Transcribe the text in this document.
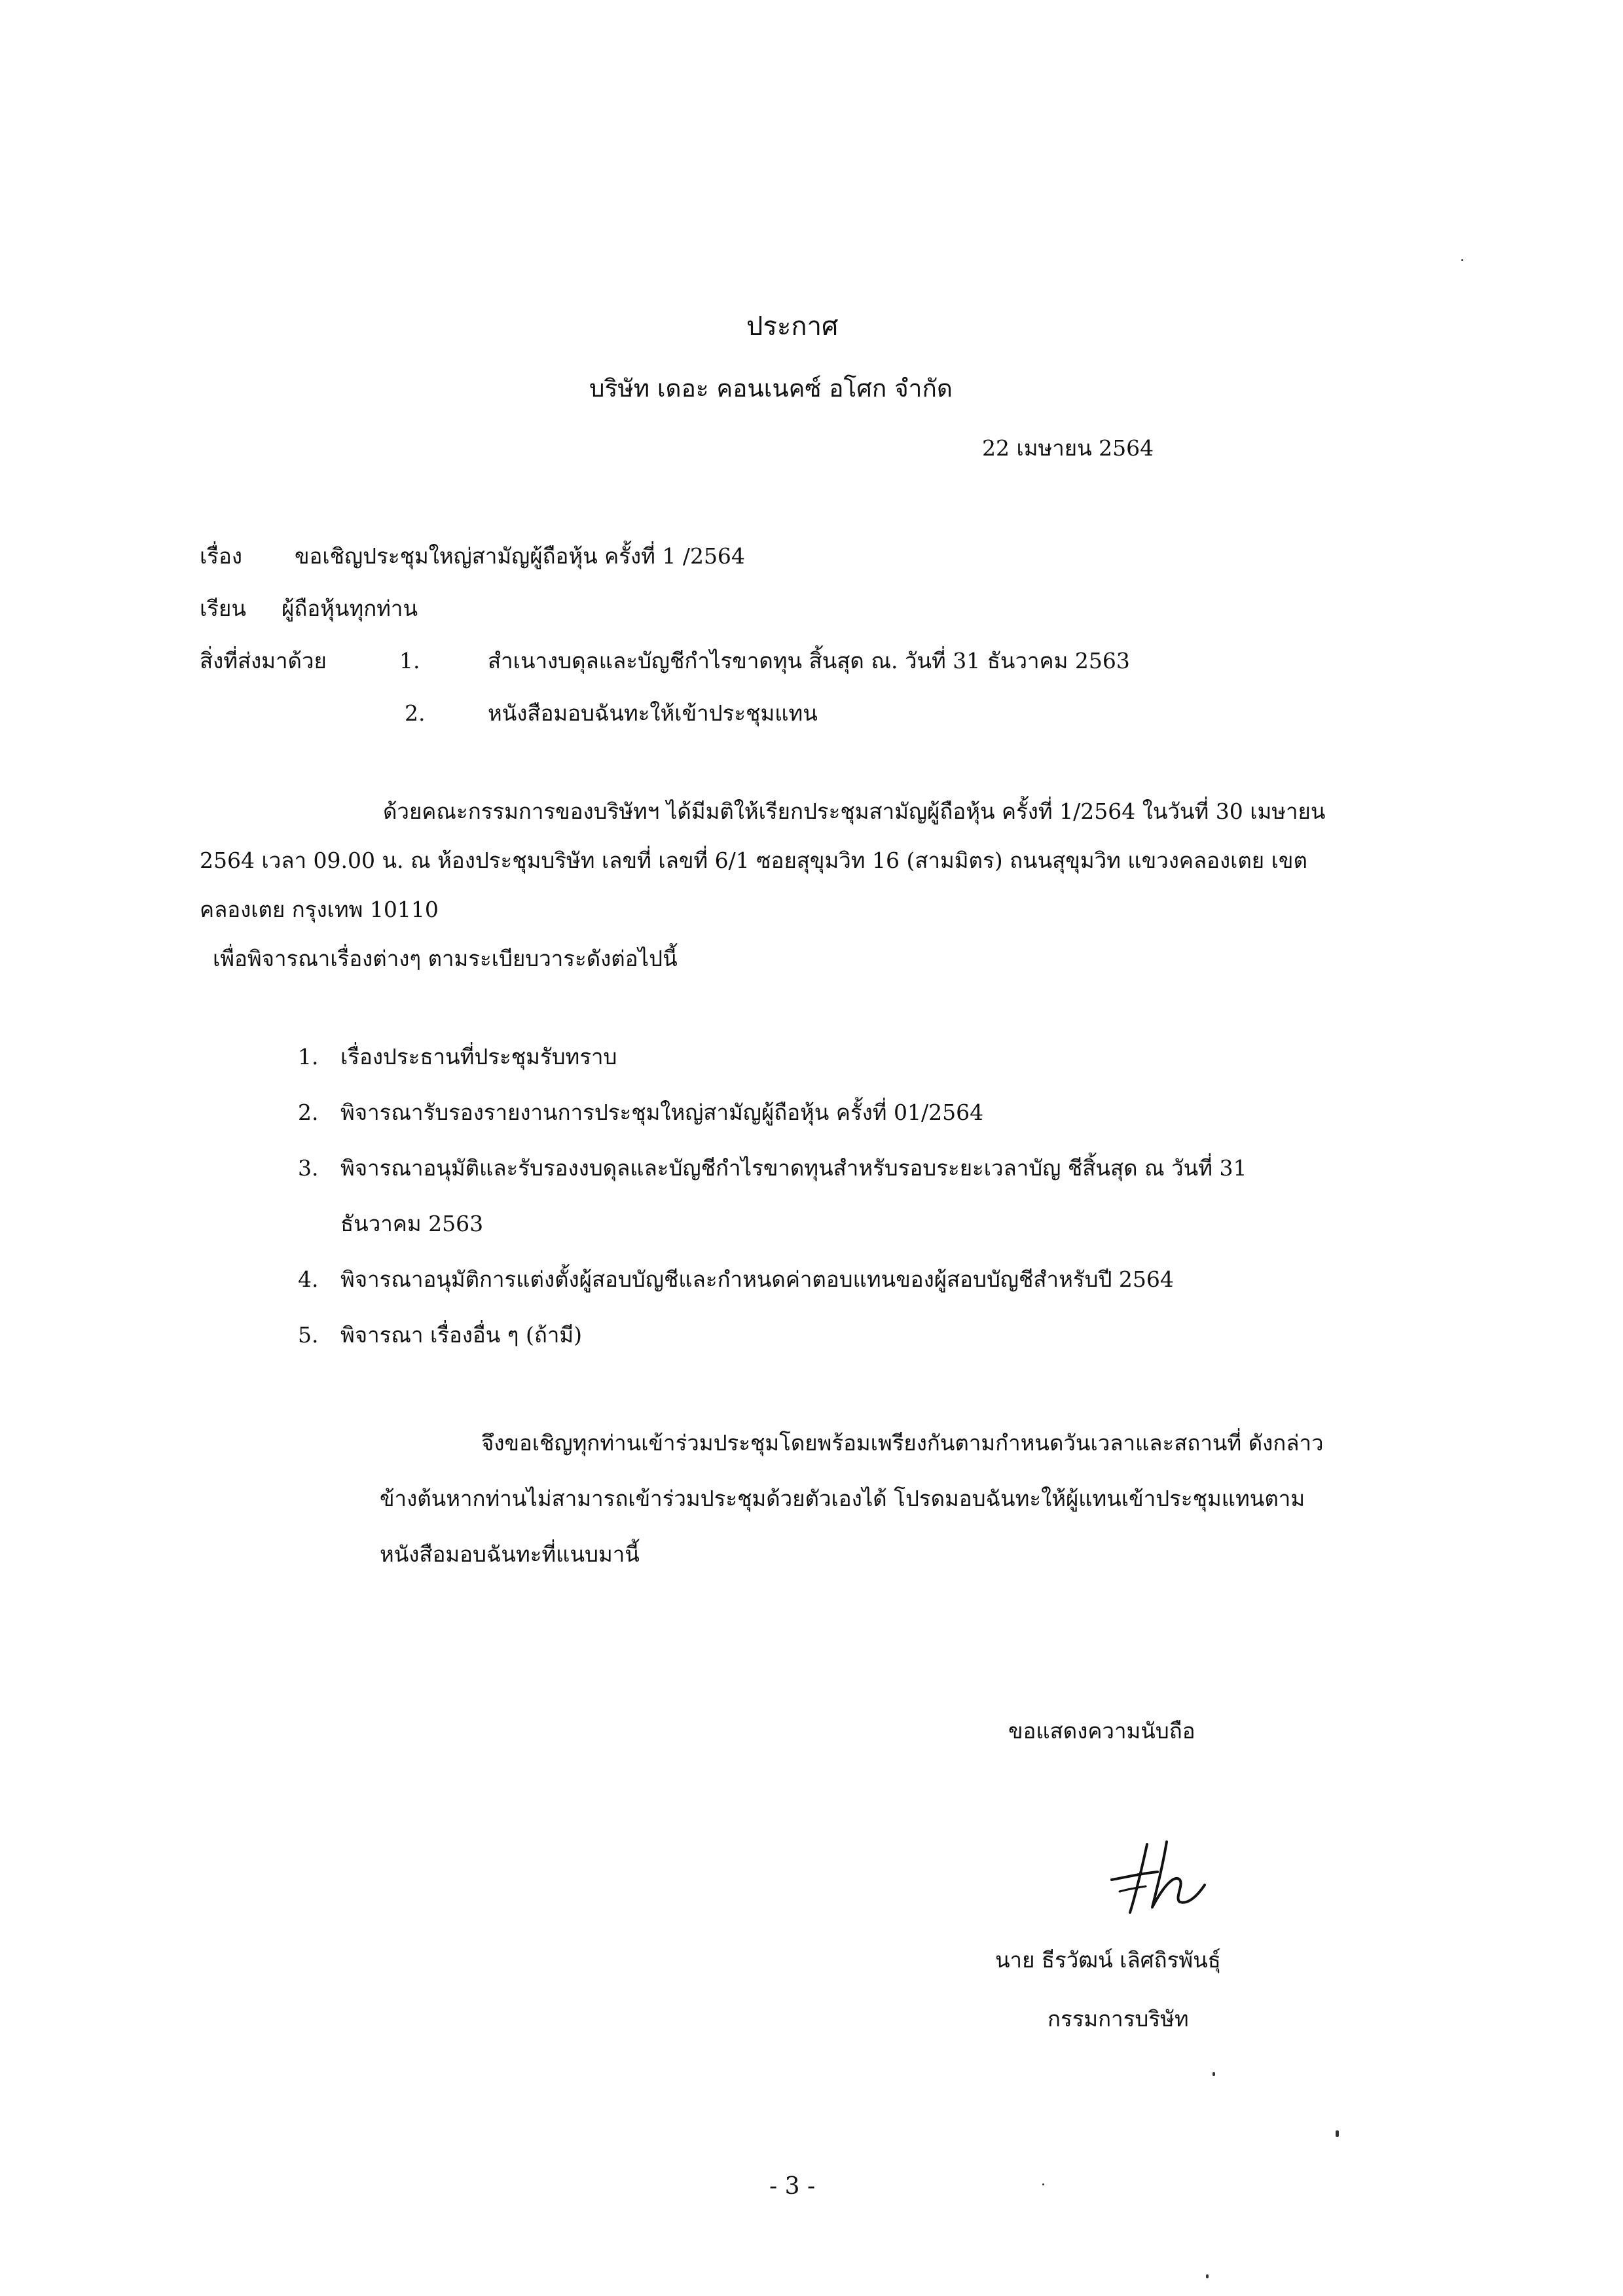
ประกาศ
บริษัท เดอะ คอนเนคซ์ อโศก จำกัด
22 เมษายน 2564
เรื่อง ขอเชิญประชุมใหญ่สามัญผู้ถือหุ้น ครั้งที่ 1 /2564
เรียน ผู้ถือหุ้นทุกท่าน
สิ่งที่ส่งมาด้วย	1.	สำเนางบดุลและบัญชีกำไรขาดทุน สิ้นสุด ณ. วันที่ 31 ธันวาคม 2563
2.	หนังสือมอบฉันทะให้เข้าประชุมแทน
ด้วยคณะกรรมการของบริษัทฯ ได้มีมติให้เรียกประชุมสามัญผู้ถือหุ้น ครั้งที่ 1/2564 ในวันที่ 30 เมษายน
2564 เวลา 09.00 น. ณ ห้องประชุมบริษัท เลขที่ เลขที่ 6/1 ซอยสุขุมวิท 16 (สามมิตร) ถนนสุขุมวิท แขวงคลองเตย เขต
คลองเตย กรุงเทพ 10110
เพื่อพิจารณาเรื่องต่างๆ ตามระเบียบวาระดังต่อไปนี้
1. เรื่องประธานที่ประชุมรับทราบ
2. พิจารณารับรองรายงานการประชุมใหญ่สามัญผู้ถือหุ้น ครั้งที่ 01/2564
3. พิจารณาอนุมัติและรับรองงบดุลและบัญชีกำไรขาดทุนสำหรับรอบระยะเวลาบัญ ชีสิ้นสุด ณ วันที่ 31
ธันวาคม 2563
4. พิจารณาอนุมัติการแต่งตั้งผู้สอบบัญชีและกำหนดค่าตอบแทนของผู้สอบบัญชีสำหรับปี 2564
5. พิจารณา เรื่องอื่น ๆ (ถ้ามี)
จึงขอเชิญทุกท่านเข้าร่วมประชุมโดยพร้อมเพรียงกันตามกำหนดวันเวลาและสถานที่ ดังกล่าว
ข้างต้นหากท่านไม่สามารถเข้าร่วมประชุมด้วยตัวเองได้ โปรดมอบฉันทะให้ผู้แทนเข้าประชุมแทนตาม
หนังสือมอบฉันทะที่แนบมานี้
ขอแสดงความนับถือ
นาย ธีรวัฒน์ เลิศถิรพันธุ์
กรรมการบริษัท
- 3 -
